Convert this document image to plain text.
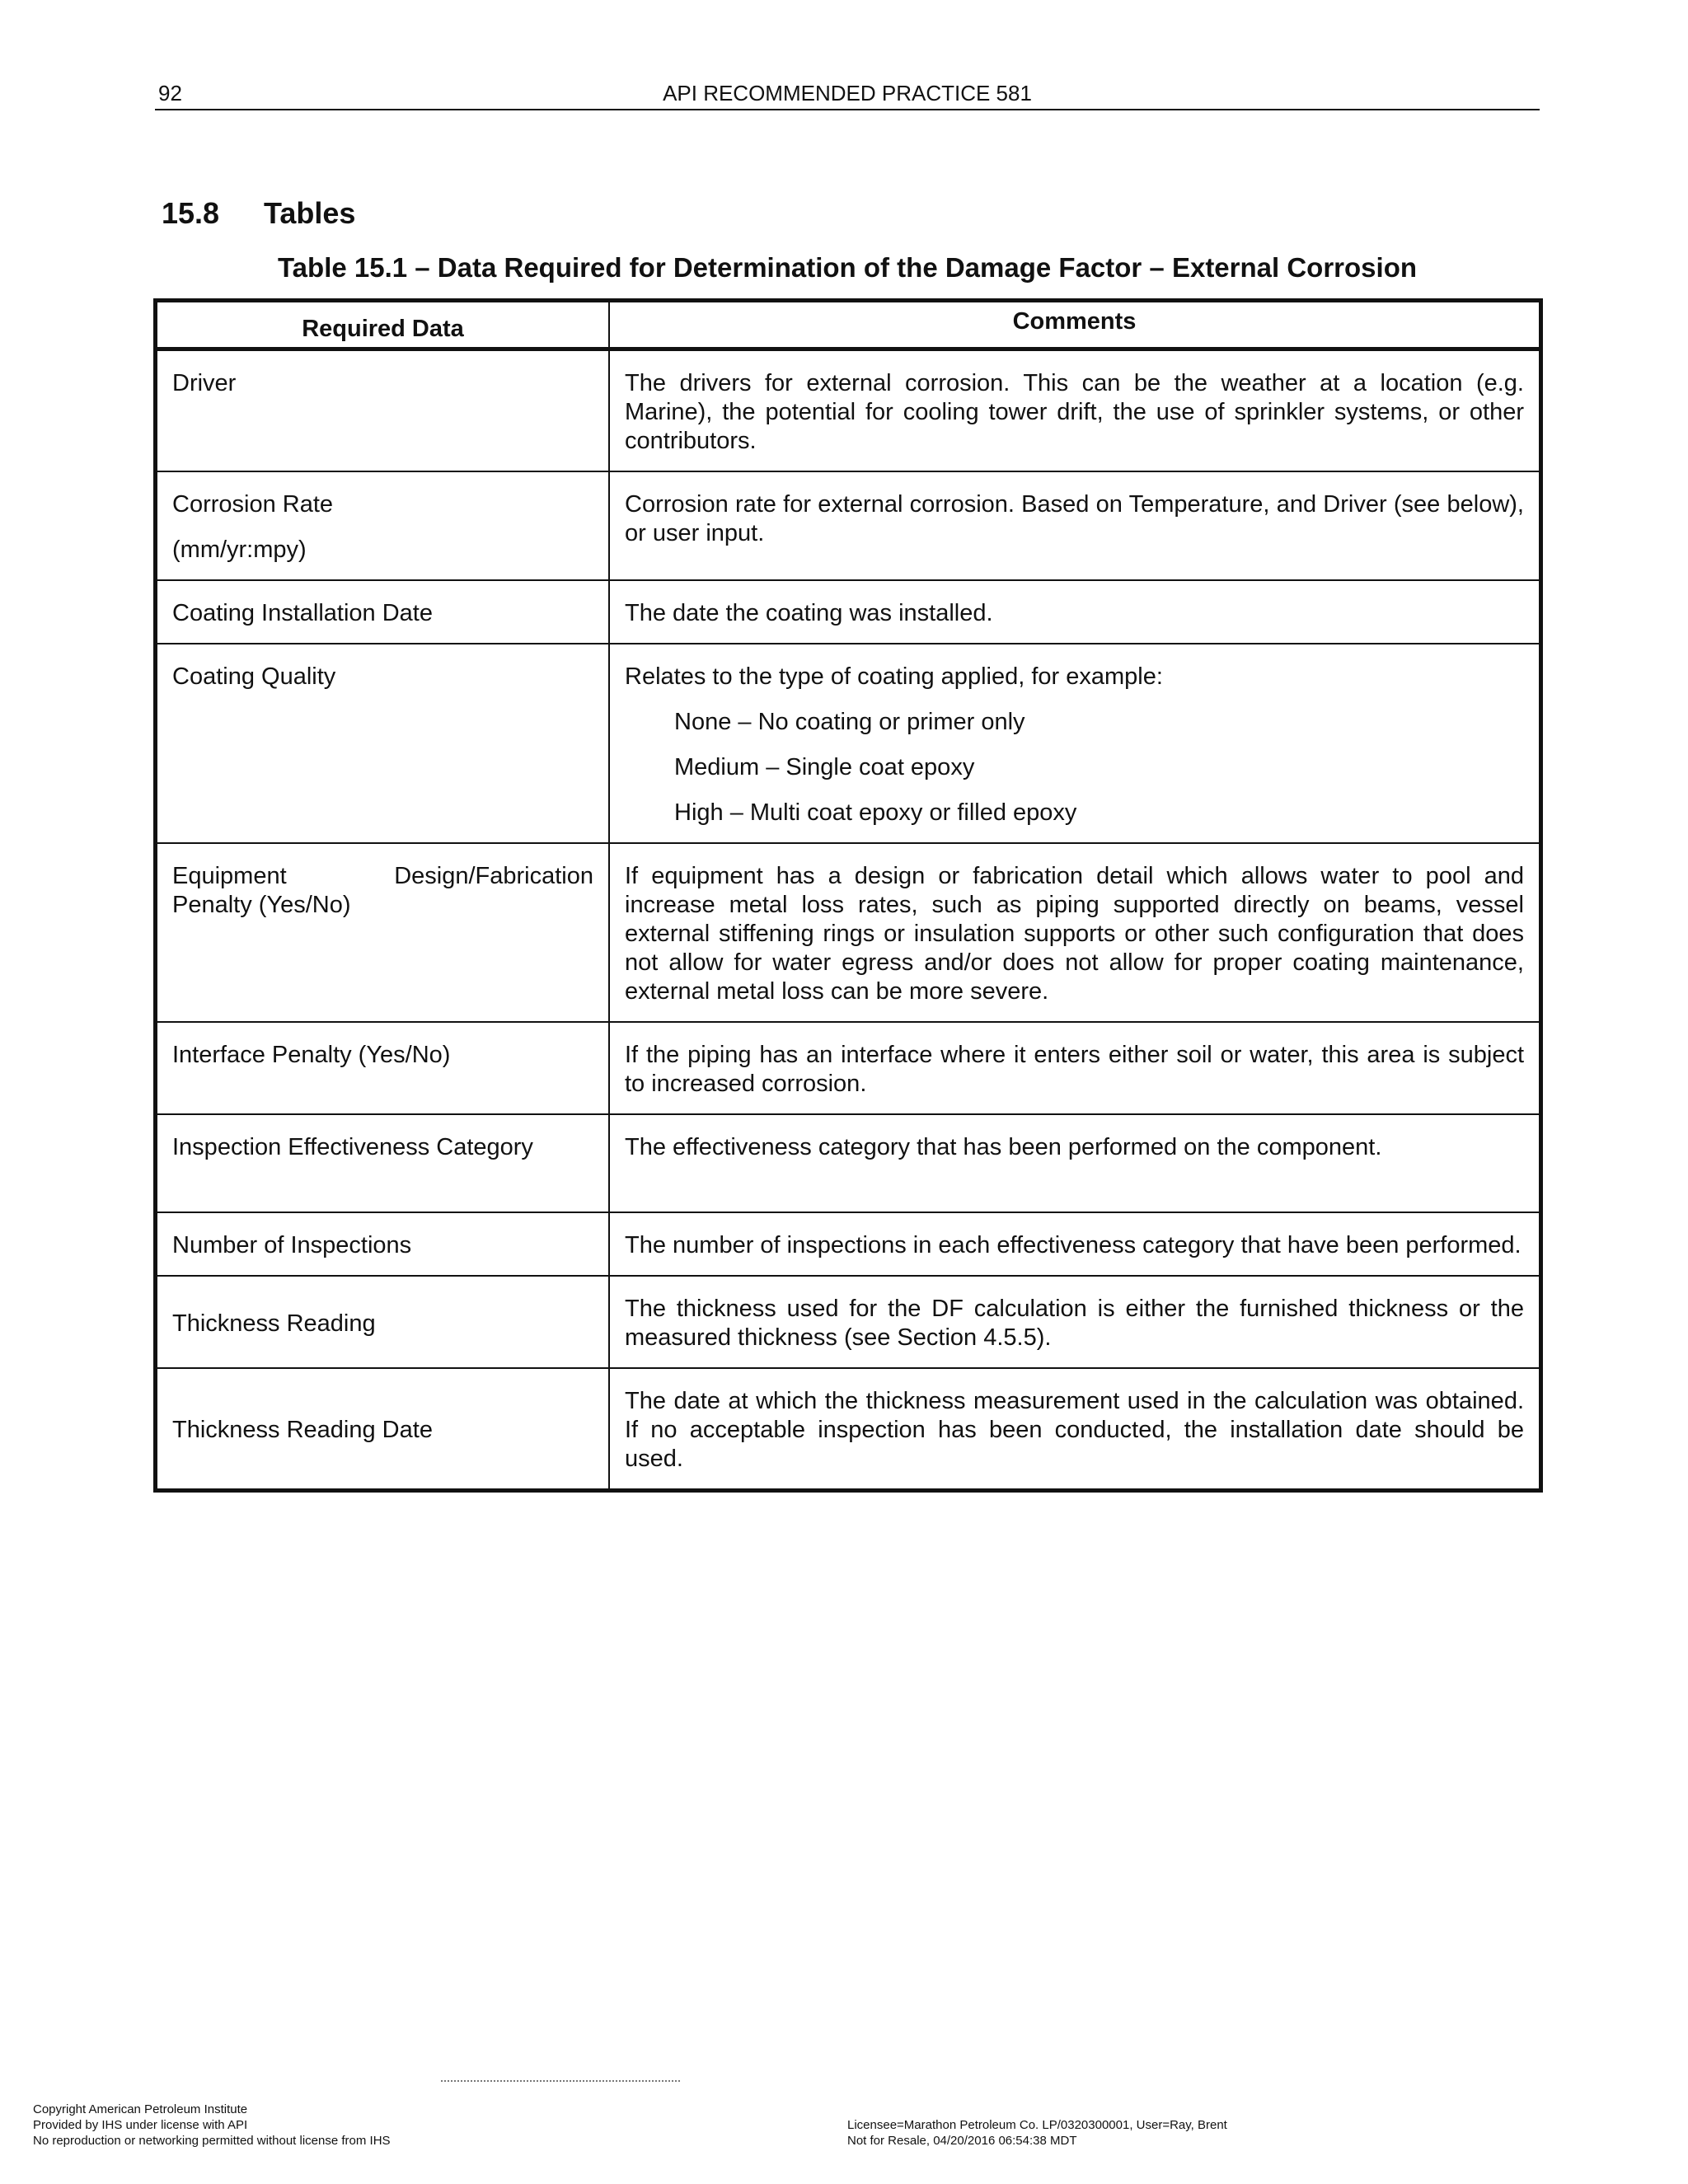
92	API RECOMMENDED PRACTICE 581
15.8 Tables
Table 15.1 – Data Required for Determination of the Damage Factor – External Corrosion
Required Data	Comments
Driver	The drivers for external corrosion. This can be the weather at a location (e.g. Marine), the potential for cooling tower drift, the use of sprinkler systems, or other contributors.

Corrosion Rate

(mm/yr:mpy)	Corrosion rate for external corrosion. Based on Temperature, and Driver (see below), or user input.
Coating Installation Date	The date the coating was installed.
Coating Quality	Relates to the type of coating applied, for example:

None – No coating or primer only
Medium – Single coat epoxy
High – Multi coat epoxy or filled epoxy

Equipment Design/Fabrication
Penalty (Yes/No)	If equipment has a design or fabrication detail which allows water to pool and increase metal loss rates, such as piping supported directly on beams, vessel external stiffening rings or insulation supports or other such configuration that does not allow for water egress and/or does not allow for proper coating maintenance, external metal loss can be more severe.
Interface Penalty (Yes/No)	If the piping has an interface where it enters either soil or water, this area is subject to increased corrosion.
Inspection Effectiveness Category	The effectiveness category that has been performed on the component.
Number of Inspections	The number of inspections in each effectiveness category that have been performed.
Thickness Reading	The thickness used for the DF calculation is either the furnished thickness or the measured thickness (see Section 4.5.5).
Thickness Reading Date	The date at which the thickness measurement used in the calculation was obtained. If no acceptable inspection has been conducted, the installation date should be used.
Copyright American Petroleum Institute
Provided by IHS under license with API
No reproduction or networking permitted without license from IHS
Licensee=Marathon Petroleum Co. LP/0320300001, User=Ray, Brent
Not for Resale, 04/20/2016 06:54:38 MDT
